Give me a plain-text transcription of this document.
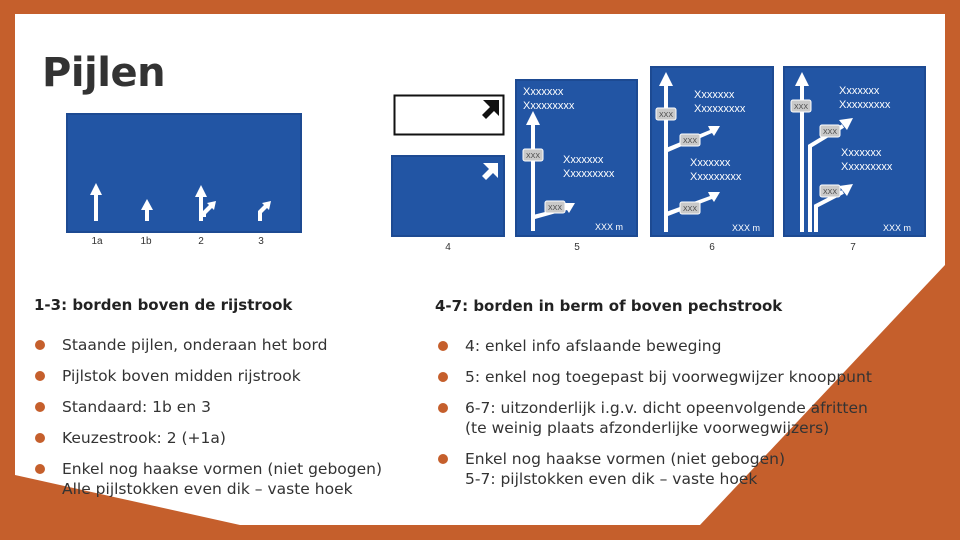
Pijlen
1a	1b	2	3
XXX
XXX
Xxxxxxx
Xxxxxxxxx
Xxxxxxx
Xxxxxxxxx
XXX m
XXX
XXX
XXX
Xxxxxxx
Xxxxxxxxx
Xxxxxxx
Xxxxxxxxx
XXX m
XXX
XXX
XXX
Xxxxxxx
Xxxxxxxxx
Xxxxxxx
Xxxxxxxxx
XXX m
4	5	6	7
1-3: borden boven de rijstrook
Staande pijlen, onderaan het bord
Pijlstok boven midden rijstrook
Standaard: 1b en 3
Keuzestrook: 2 (+1a)
Enkel nog haakse vormen (niet gebogen)
Alle pijlstokken even dik – vaste hoek
4-7: borden in berm of boven pechstrook
4: enkel info afslaande beweging
5: enkel nog toegepast bij voorwegwijzer knooppunt
6-7: uitzonderlijk i.g.v. dicht opeenvolgende afritten
(te weinig plaats afzonderlijke voorwegwijzers)
Enkel nog haakse vormen (niet gebogen)
5-7: pijlstokken even dik – vaste hoek
